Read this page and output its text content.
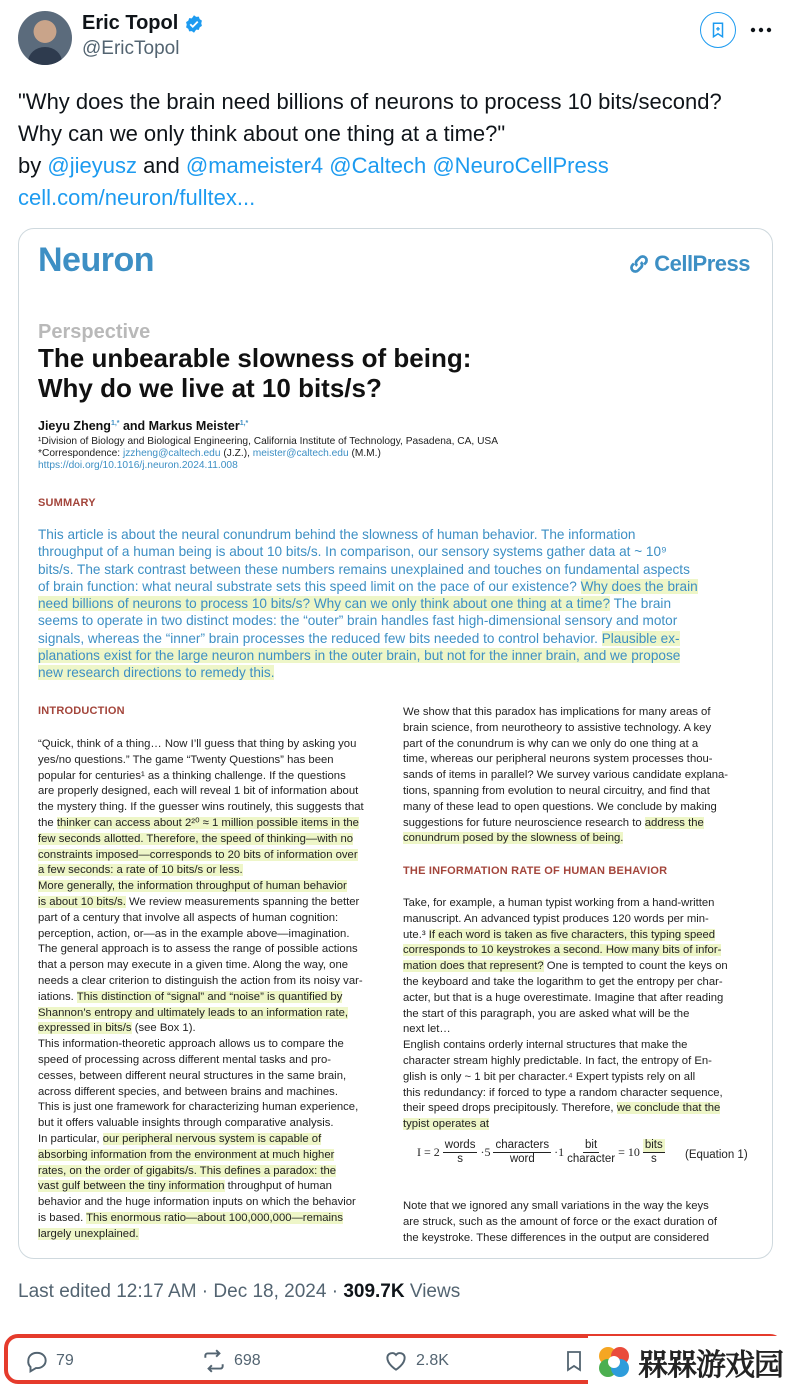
Eric Topol
@EricTopol
"Why does the brain need billions of neurons to process 10 bits/second?
Why can we only think about one thing at a time?"
by @jieyusz and @mameister4 @Caltech @NeuroCellPress
cell.com/neuron/fulltex...
Neuron	CellPress
Perspective
The unbearable slowness of being:
Why do we live at 10 bits/s?
Jieyu Zheng$^{1,*}$ and Markus Meister$^{1,*}$
¹Division of Biology and Biological Engineering, California Institute of Technology, Pasadena, CA, USA
*Correspondence: jzzheng@caltech.edu (J.Z.), meister@caltech.edu (M.M.)
https://doi.org/10.1016/j.neuron.2024.11.008
SUMMARY
This article is about the neural conundrum behind the slowness of human behavior. The information
throughput of a human being is about 10 bits/s. In comparison, our sensory systems gather data at ~ 10⁹
bits/s. The stark contrast between these numbers remains unexplained and touches on fundamental aspects
of brain function: what neural substrate sets this speed limit on the pace of our existence? Why does the brain
need billions of neurons to process 10 bits/s? Why can we only think about one thing at a time? The brain
seems to operate in two distinct modes: the “outer” brain handles fast high-dimensional sensory and motor
signals, whereas the “inner” brain processes the reduced few bits needed to control behavior. Plausible ex-
planations exist for the large neuron numbers in the outer brain, but not for the inner brain, and we propose
new research directions to remedy this.
INTRODUCTION
“Quick, think of a thing… Now I’ll guess that thing by asking you
yes/no questions.” The game “Twenty Questions” has been
popular for centuries¹ as a thinking challenge. If the questions
are properly designed, each will reveal 1 bit of information about
the mystery thing. If the guesser wins routinely, this suggests that
the thinker can access about 2²⁰ ≈ 1 million possible items in the
few seconds allotted. Therefore, the speed of thinking—with no
constraints imposed—corresponds to 20 bits of information over
a few seconds: a rate of 10 bits/s or less.
More generally, the information throughput of human behavior
is about 10 bits/s. We review measurements spanning the better
part of a century that involve all aspects of human cognition:
perception, action, or—as in the example above—imagination.
The general approach is to assess the range of possible actions
that a person may execute in a given time. Along the way, one
needs a clear criterion to distinguish the action from its noisy var-
iations. This distinction of “signal” and “noise” is quantified by
Shannon’s entropy and ultimately leads to an information rate,
expressed in bits/s (see Box 1).
This information-theoretic approach allows us to compare the
speed of processing across different mental tasks and pro-
cesses, between different neural structures in the same brain,
across different species, and between brains and machines.
This is just one framework for characterizing human experience,
but it offers valuable insights through comparative analysis.
In particular, our peripheral nervous system is capable of
absorbing information from the environment at much higher
rates, on the order of gigabits/s. This defines a paradox: the
vast gulf between the tiny information throughput of human
behavior and the huge information inputs on which the behavior
is based. This enormous ratio—about 100,000,000—remains
largely unexplained.
We show that this paradox has implications for many areas of
brain science, from neurotheory to assistive technology. A key
part of the conundrum is why can we only do one thing at a
time, whereas our peripheral neurons system processes thou-
sands of items in parallel? We survey various candidate explana-
tions, spanning from evolution to neural circuitry, and find that
many of these lead to open questions. We conclude by making
suggestions for future neuroscience research to address the
conundrum posed by the slowness of being.
THE INFORMATION RATE OF HUMAN BEHAVIOR
Take, for example, a human typist working from a hand-written
manuscript. An advanced typist produces 120 words per min-
ute.³ If each word is taken as five characters, this typing speed
corresponds to 10 keystrokes a second. How many bits of infor-
mation does that represent? One is tempted to count the keys on
the keyboard and take the logarithm to get the entropy per char-
acter, but that is a huge overestimate. Imagine that after reading
the start of this paragraph, you are asked what will be the
next let…
English contains orderly internal structures that make the
character stream highly predictable. In fact, the entropy of En-
glish is only ~ 1 bit per character.⁴ Expert typists rely on all
this redundancy: if forced to type a random character sequence,
their speed drops precipitously. Therefore, we conclude that the
typist operates at
$I = 2 \frac{\text{words}}{s} \cdot 5 \frac{\text{characters}}{\text{word}} \cdot 1 \frac{\text{bit}}{\text{character}} = 10 \frac{\text{bits}}{s}$ (Equation 1)
Note that we ignored any small variations in the way the keys
are struck, such as the amount of force or the exact duration of
the keystroke. These differences in the output are considered
Last edited 12:17 AM · Dec 18, 2024 · 309.7K Views
79	698	2.8K	槑槑游戏园
